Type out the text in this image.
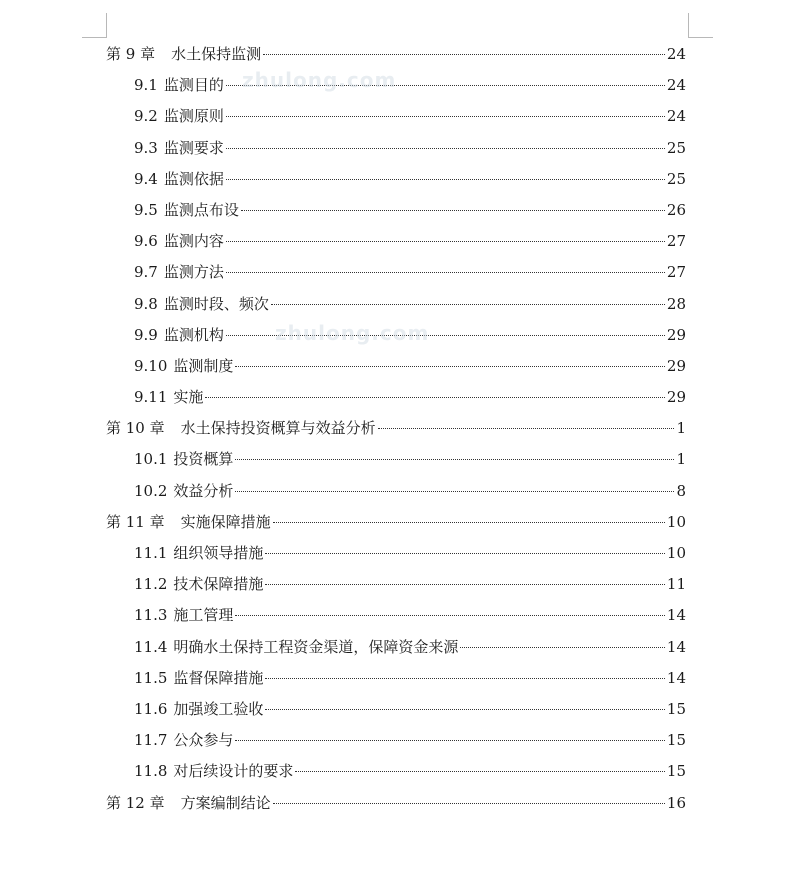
第 9 章 水土保持监测	24
9.1 监测目的	24
9.2 监测原则	24
9.3 监测要求	25
9.4 监测依据	25
9.5 监测点布设	26
9.6 监测内容	27
9.7 监测方法	27
9.8 监测时段、频次	28
9.9 监测机构	29
9.10 监测制度	29
9.11 实施	29
第 10 章 水土保持投资概算与效益分析	1
10.1 投资概算	1
10.2 效益分析	8
第 11 章 实施保障措施	10
11.1 组织领导措施	10
11.2 技术保障措施	11
11.3 施工管理	14
11.4 明确水土保持工程资金渠道，保障资金来源	14
11.5 监督保障措施	14
11.6 加强竣工验收	15
11.7 公众参与	15
11.8 对后续设计的要求	15
第 12 章 方案编制结论	16
zhulong.com
zhulong.com
